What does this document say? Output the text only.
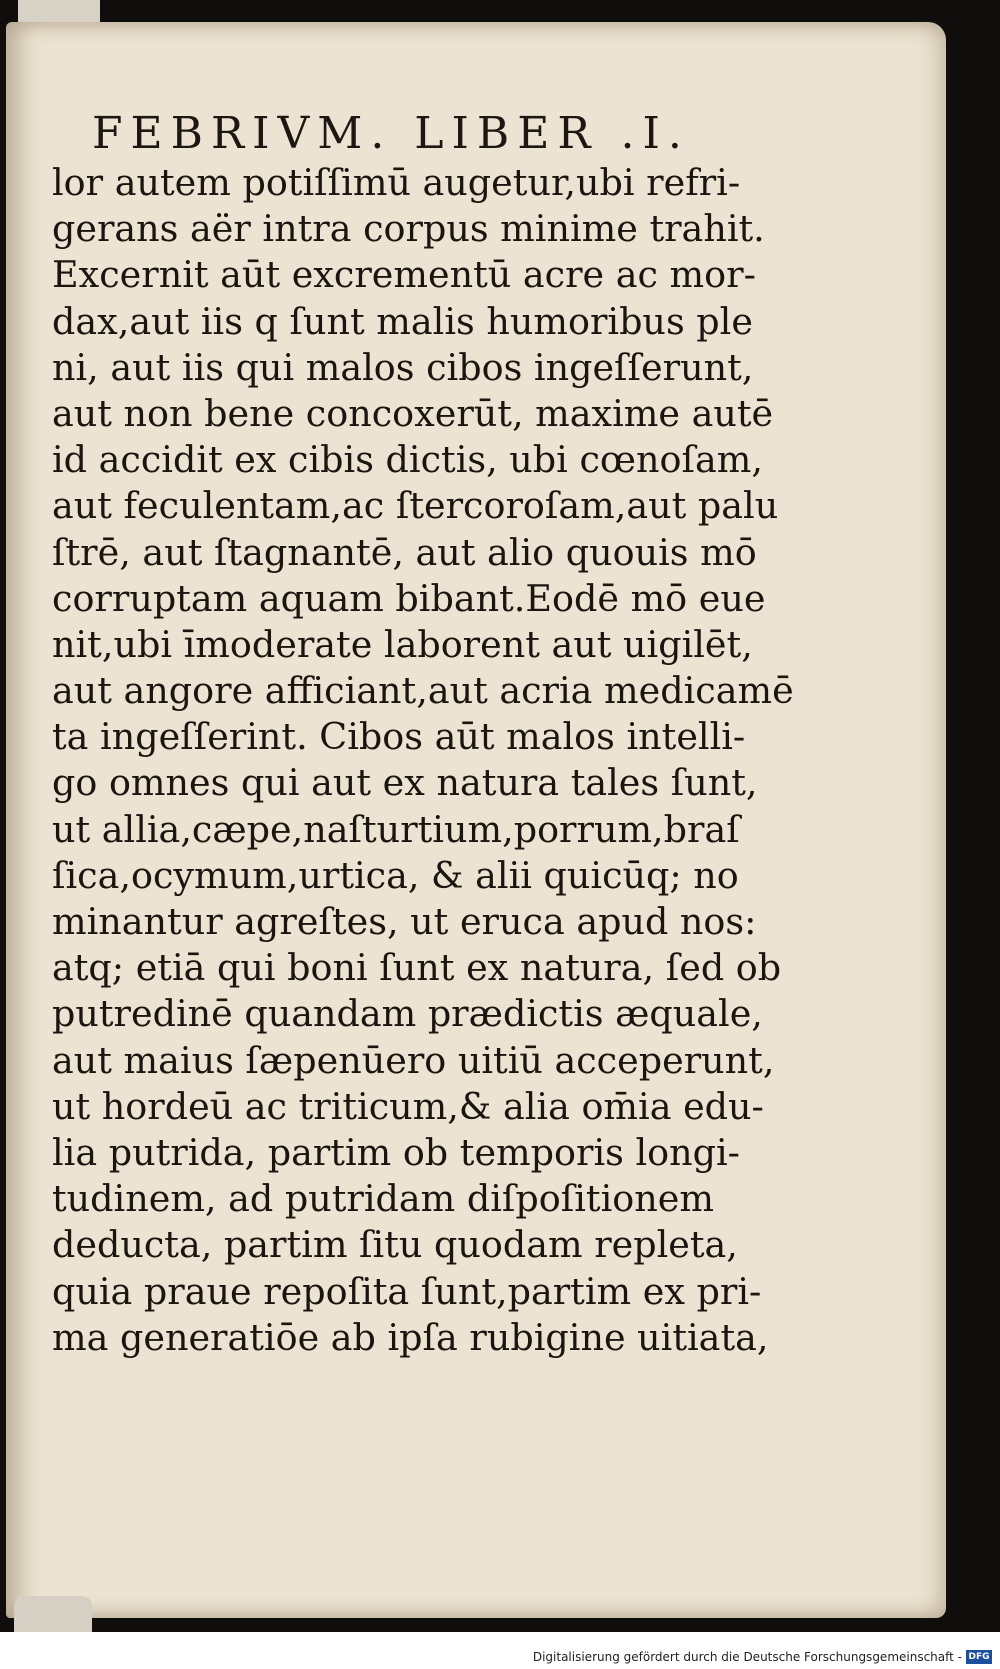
FEBRIVM. LIBER .I.
lor autem potiſſimū augetur,ubi refri‐
gerans aër intra corpus minime trahit.
Excernit aūt excrementū acre ac mor‐
dax,aut iis q ſunt malis humoribus ple
ni, aut iis qui malos cibos ingeſſerunt,
aut non bene concoxerūt, maxime autē
id accidit ex cibis dictis, ubi cœnoſam,
aut feculentam,ac ſtercoroſam,aut palu
ſtrē, aut ſtagnantē, aut alio quouis mō
corruptam aquam bibant.Eodē mō eue
nit,ubi īmoderate laborent aut uigilēt,
aut angore afficiant,aut acria medicamē
ta ingeſſerint. Cibos aūt malos intelli‐
go omnes qui aut ex natura tales ſunt,
ut allia,cæpe,naſturtium,porrum,braſ
ſica,ocymum,urtica, & alii quicūq; no
minantur agreſtes, ut eruca apud nos:
atq; etiā qui boni ſunt ex natura, ſed ob
putredinē quandam prædictis æquale,
aut maius ſæpenūero uitiū acceperunt,
ut hordeū ac triticum,& alia om̄ia edu‐
lia putrida, partim ob temporis longi‐
tudinem, ad putridam diſpoſitionem
deducta, partim ſitu quodam repleta,
quia praue repoſita ſunt,partim ex pri‐
ma generatiōe ab ipſa rubigine uitiata,
Digitalisierung gefördert durch die Deutsche Forschungsgemeinschaft - DFG
